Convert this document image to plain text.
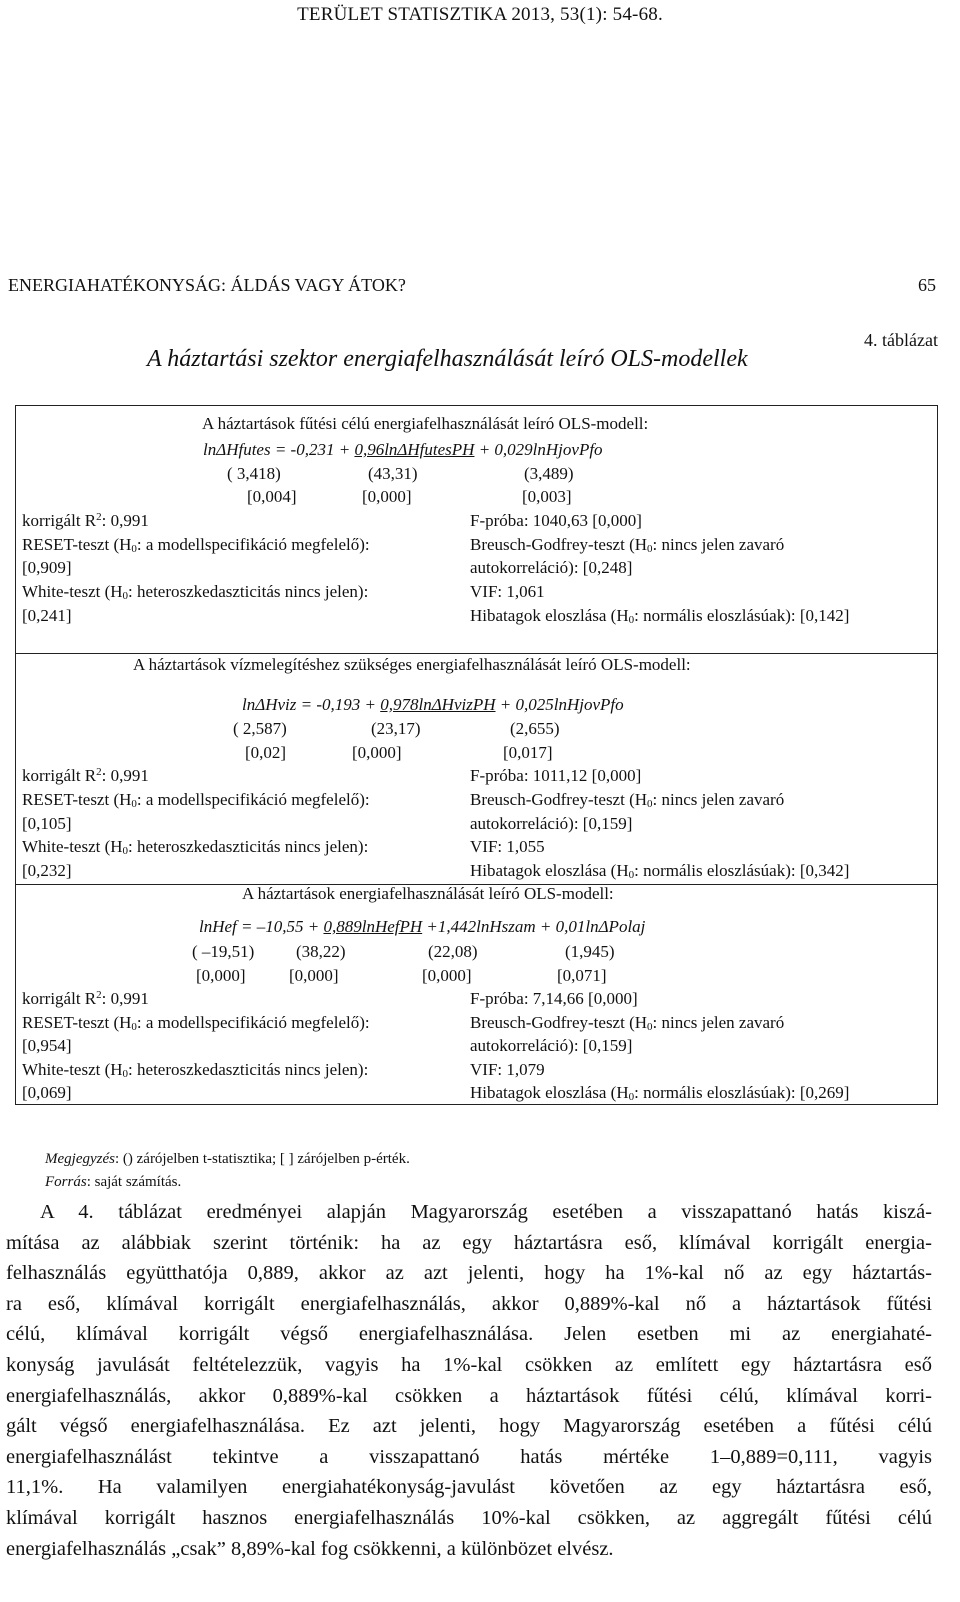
TERÜLET STATISZTIKA 2013, 53(1): 54-68.
ENERGIAHATÉKONYSÁG: ÁLDÁS VAGY ÁTOK?	65
4. táblázat
A háztartási szektor energiafelhasználását leíró OLS-modellek
A háztartások fűtési célú energiafelhasználását leíró OLS-modell:
lnΔHfutes = -0,231 + 0,96lnΔHfutesPH + 0,029lnHjovPfo
( 3,418)	(43,31)	(3,489)
[0,004]	[0,000]	[0,003]
korrigált $R^2$: 0,991	F-próba: 1040,63 [0,000]
RESET-teszt ($H_0$: a modellspecifikáció megfelelő):	Breusch-Godfrey-teszt ($H_0$: nincs jelen zavaró
[0,909]	autokorreláció): [0,248]
White-teszt ($H_0$: heteroszkedaszticitás nincs jelen):	VIF: 1,061
[0,241]	Hibatagok eloszlása ($H_0$: normális eloszlásúak): [0,142]
A háztartások vízmelegítéshez szükséges energiafelhasználását leíró OLS-modell:
lnΔHviz = -0,193 + 0,978lnΔHvizPH + 0,025lnHjovPfo
( 2,587)	(23,17)	(2,655)
[0,02]	[0,000]	[0,017]
korrigált $R^2$: 0,991	F-próba: 1011,12 [0,000]
RESET-teszt ($H_0$: a modellspecifikáció megfelelő):	Breusch-Godfrey-teszt ($H_0$: nincs jelen zavaró
[0,105]	autokorreláció): [0,159]
White-teszt ($H_0$: heteroszkedaszticitás nincs jelen):	VIF: 1,055
[0,232]	Hibatagok eloszlása ($H_0$: normális eloszlásúak): [0,342]
A háztartások energiafelhasználását leíró OLS-modell:
lnHef = –10,55 + 0,889lnHefPH +1,442lnHszam + 0,01lnΔPolaj
( –19,51) (38,22)	(22,08)	(1,945)
[0,000]	[0,000]	[0,000]	[0,071]
korrigált $R^2$: 0,991	F-próba: 7,14,66 [0,000]
RESET-teszt ($H_0$: a modellspecifikáció megfelelő):	Breusch-Godfrey-teszt ($H_0$: nincs jelen zavaró
[0,954]	autokorreláció): [0,159]
White-teszt ($H_0$: heteroszkedaszticitás nincs jelen):	VIF: 1,079
[0,069]	Hibatagok eloszlása ($H_0$: normális eloszlásúak): [0,269]
Megjegyzés: () zárójelben t-statisztika; [ ] zárójelben p-érték.
Forrás: saját számítás.
A 4. táblázat eredményei alapján Magyarország esetében a visszapattanó hatás kiszá-
mítása az alábbiak szerint történik: ha az egy háztartásra eső, klímával korrigált energia-
felhasználás együtthatója 0,889, akkor az azt jelenti, hogy ha 1%-kal nő az egy háztartás-
ra eső, klímával korrigált energiafelhasználás, akkor 0,889%-kal nő a háztartások fűtési
célú, klímával korrigált végső energiafelhasználása. Jelen esetben mi az energiahaté-
konyság javulását feltételezzük, vagyis ha 1%-kal csökken az említett egy háztartásra eső
energiafelhasználás, akkor 0,889%-kal csökken a háztartások fűtési célú, klímával korri-
gált végső energiafelhasználása. Ez azt jelenti, hogy Magyarország esetében a fűtési célú
energiafelhasználást tekintve a visszapattanó hatás mértéke 1–0,889=0,111, vagyis
11,1%. Ha valamilyen energiahatékonyság-javulást követően az egy háztartásra eső,
klímával korrigált hasznos energiafelhasználás 10%-kal csökken, az aggregált fűtési célú
energiafelhasználás „csak” 8,89%-kal fog csökkenni, a különbözet elvész.
